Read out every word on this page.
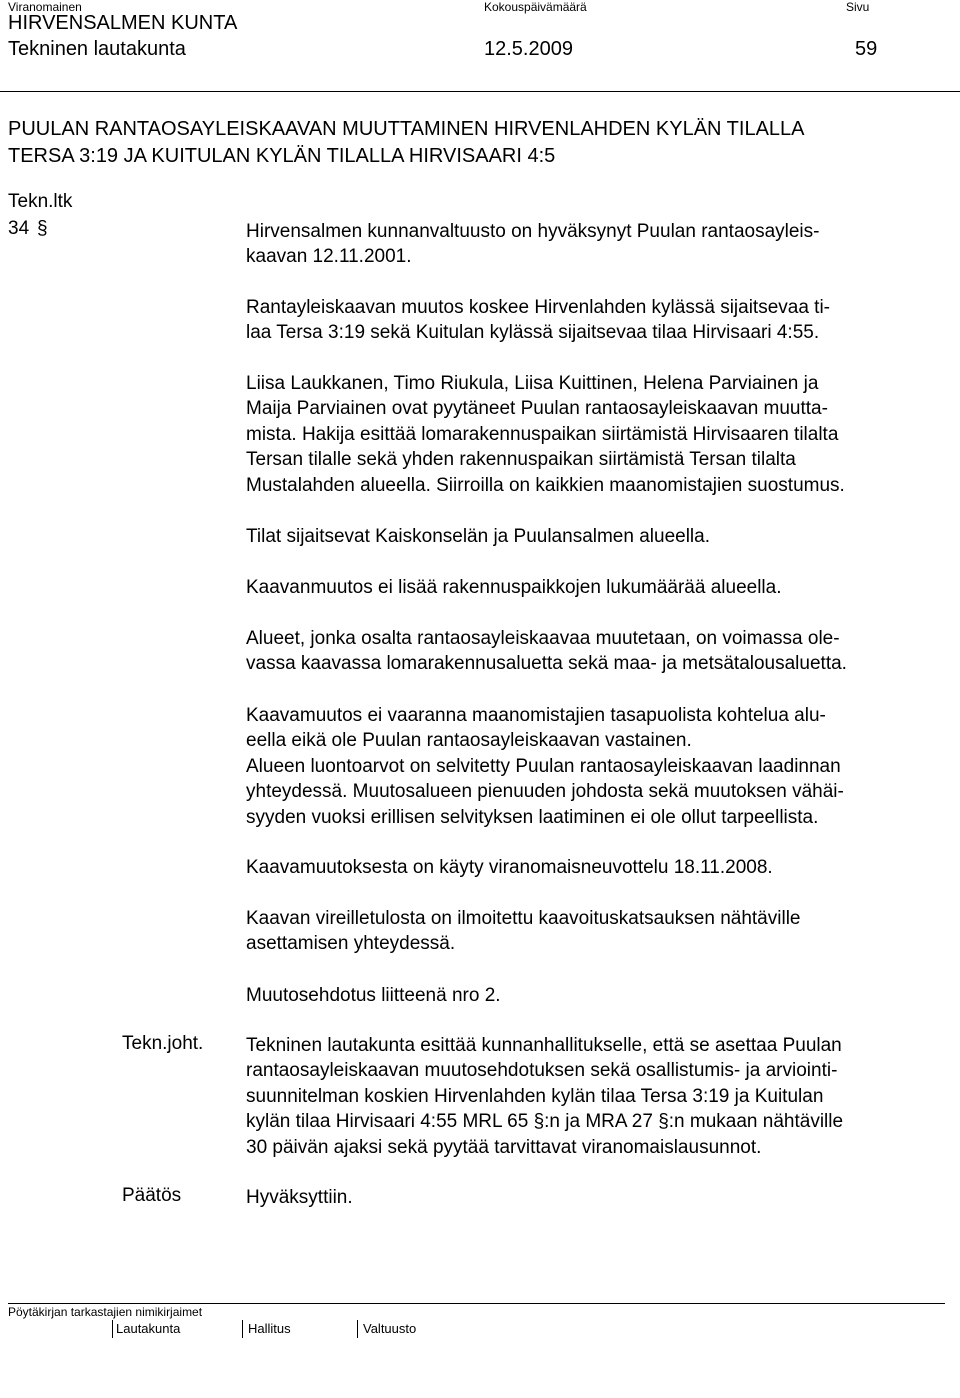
Viranomainen	Kokouspäivämäärä	Sivu
HIRVENSALMEN KUNTA
Tekninen lautakunta	12.5.2009	59
PUULAN RANTAOSAYLEISKAAVAN MUUTTAMINEN HIRVENLAHDEN KYLÄN TILALLA
TERSA 3:19 JA KUITULAN KYLÄN TILALLA HIRVISAARI 4:5
Tekn.ltk
34 §	Hirvensalmen kunnanvaltuusto on hyväksynyt Puulan rantaosayleis-
kaavan 12.11.2001.
Rantayleiskaavan muutos koskee Hirvenlahden kylässä sijaitsevaa ti-
laa Tersa 3:19 sekä Kuitulan kylässä sijaitsevaa tilaa Hirvisaari 4:55.
Liisa Laukkanen, Timo Riukula, Liisa Kuittinen, Helena Parviainen ja
Maija Parviainen ovat pyytäneet Puulan rantaosayleiskaavan muutta-
mista. Hakija esittää lomarakennuspaikan siirtämistä Hirvisaaren tilalta
Tersan tilalle sekä yhden rakennuspaikan siirtämistä Tersan tilalta
Mustalahden alueella. Siirroilla on kaikkien maanomistajien suostumus.
Tilat sijaitsevat Kaiskonselän ja Puulansalmen alueella.
Kaavanmuutos ei lisää rakennuspaikkojen lukumäärää alueella.
Alueet, jonka osalta rantaosayleiskaavaa muutetaan, on voimassa ole-
vassa kaavassa lomarakennusaluetta sekä maa- ja metsätalousaluetta.
Kaavamuutos ei vaaranna maanomistajien tasapuolista kohtelua alu-
eella eikä ole Puulan rantaosayleiskaavan vastainen.
Alueen luontoarvot on selvitetty Puulan rantaosayleiskaavan laadinnan
yhteydessä. Muutosalueen pienuuden johdosta sekä muutoksen vähäi-
syyden vuoksi erillisen selvityksen laatiminen ei ole ollut tarpeellista.
Kaavamuutoksesta on käyty viranomaisneuvottelu 18.11.2008.
Kaavan vireilletulosta on ilmoitettu kaavoituskatsauksen nähtäville
asettamisen yhteydessä.
Muutosehdotus liitteenä nro 2.
Tekn.joht. Tekninen lautakunta esittää kunnanhallitukselle, että se asettaa Puulan
rantaosayleiskaavan muutosehdotuksen sekä osallistumis- ja arviointi-
suunnitelman koskien Hirvenlahden kylän tilaa Tersa 3:19 ja Kuitulan
kylän tilaa Hirvisaari 4:55 MRL 65 §:n ja MRA 27 §:n mukaan nähtäville
30 päivän ajaksi sekä pyytää tarvittavat viranomaislausunnot.
Päätös	Hyväksyttiin.
Pöytäkirjan tarkastajien nimikirjaimet
Lautakunta	Hallitus	Valtuusto
